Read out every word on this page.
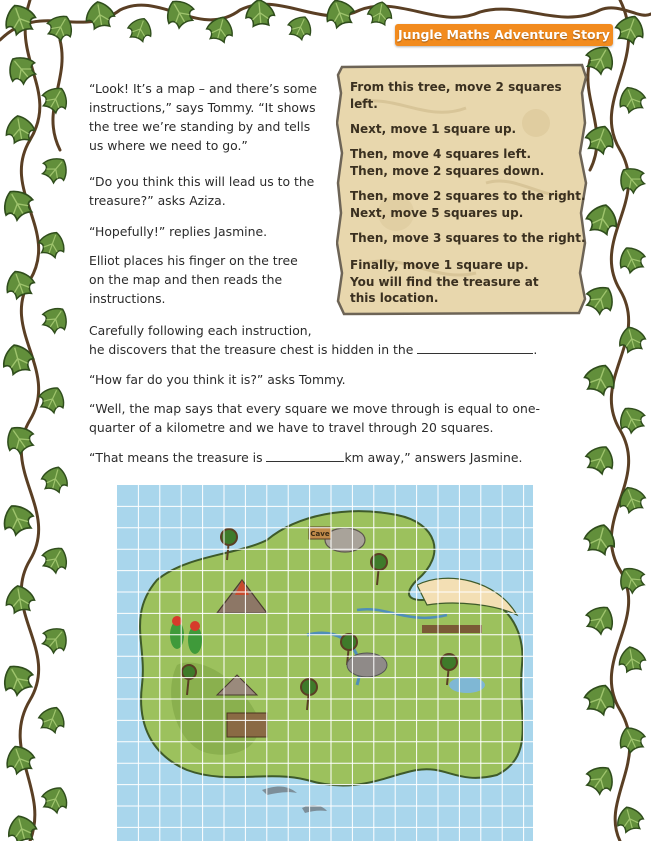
Jungle Maths Adventure Story

“Look! It’s a map – and there’s some
instructions,” says Tommy. “It shows
the tree we’re standing by and tells
us where we need to go.”

“Do you think this will lead us to the
treasure?” asks Aziza.

“Hopefully!” replies Jasmine.

Elliot places his finger on the tree
on the map and then reads the
instructions.

Carefully following each instruction,
he discovers that the treasure chest is hidden in the	.

“How far do you think it is?” asks Tommy.

“Well, the map says that every square we move through is equal to one-
quarter of a kilometre and we have to travel through 20 squares.

“That means the treasure is	km away,” answers Jasmine.

From this tree, move 2 squares
left.

Next, move 1 square up.

Then, move 4 squares left.
Then, move 2 squares down.

Then, move 2 squares to the right.
Next, move 5 squares up.

Then, move 3 squares to the right.

Finally, move 1 square up.
You will find the treasure at
this location.

Cave
